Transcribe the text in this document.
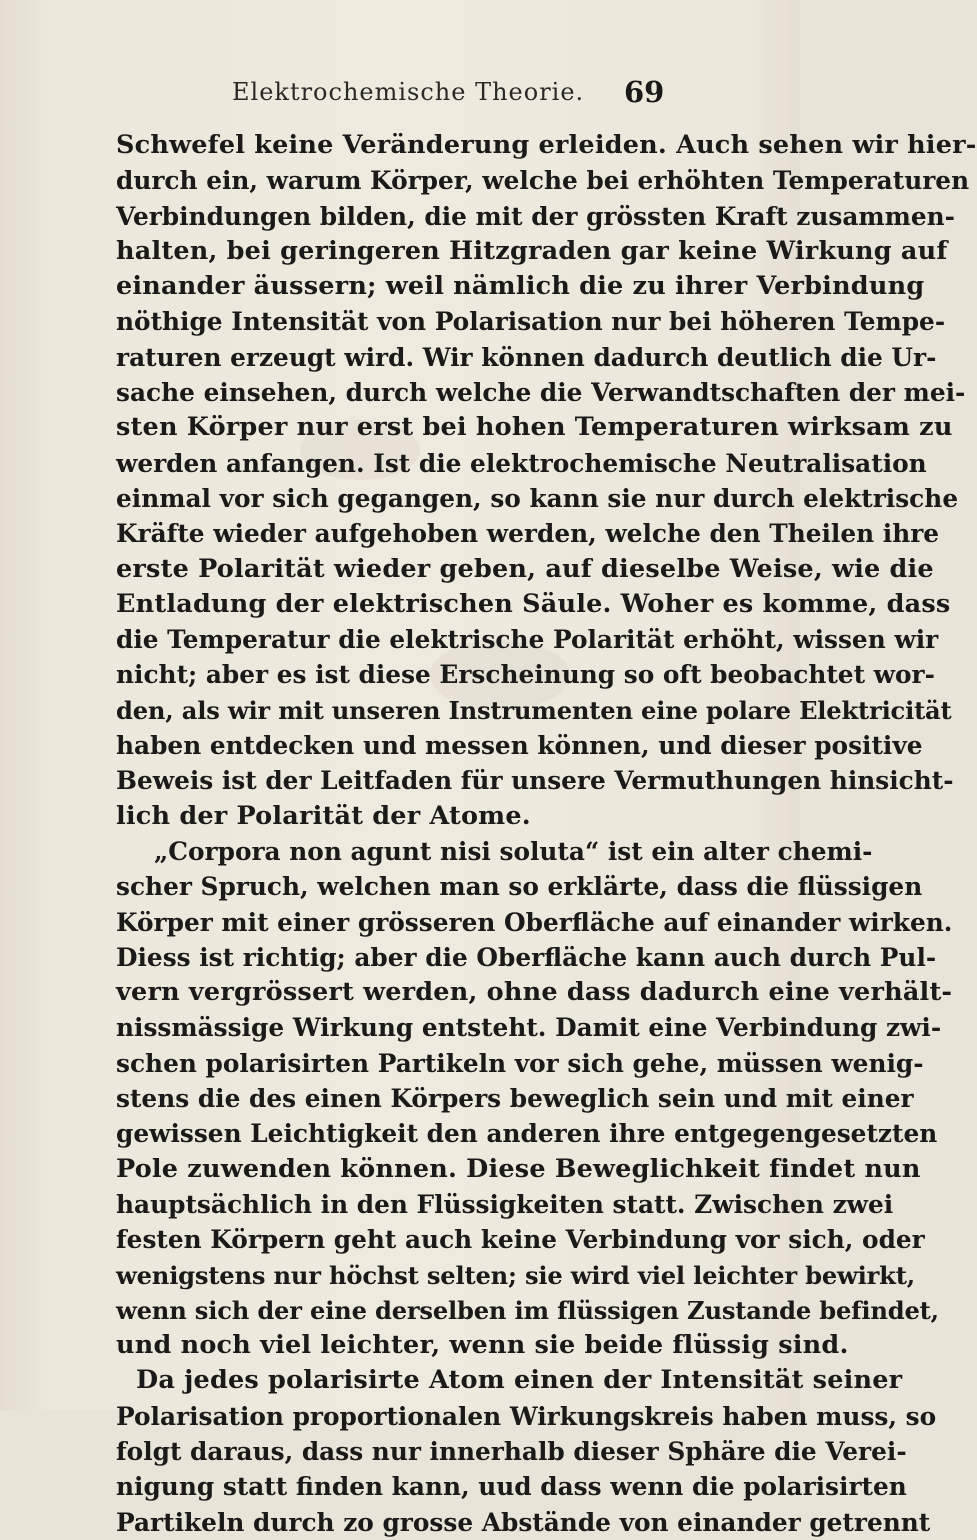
Elektrochemische Theorie. 69
Schwefel keine Veränderung erleiden. Auch sehen wir hier-
durch ein, warum Körper, welche bei erhöhten Temperaturen
Verbindungen bilden, die mit der grössten Kraft zusammen-
halten, bei geringeren Hitzgraden gar keine Wirkung auf
einander äussern; weil nämlich die zu ihrer Verbindung
nöthige Intensität von Polarisation nur bei höheren Tempe-
raturen erzeugt wird. Wir können dadurch deutlich die Ur-
sache einsehen, durch welche die Verwandtschaften der mei-
sten Körper nur erst bei hohen Temperaturen wirksam zu
werden anfangen. Ist die elektrochemische Neutralisation
einmal vor sich gegangen, so kann sie nur durch elektrische
Kräfte wieder aufgehoben werden, welche den Theilen ihre
erste Polarität wieder geben, auf dieselbe Weise, wie die
Entladung der elektrischen Säule. Woher es komme, dass
die Temperatur die elektrische Polarität erhöht, wissen wir
nicht; aber es ist diese Erscheinung so oft beobachtet wor-
den, als wir mit unseren Instrumenten eine polare Elektricität
haben entdecken und messen können, und dieser positive
Beweis ist der Leitfaden für unsere Vermuthungen hinsicht-
lich der Polarität der Atome.
„Corpora non agunt nisi soluta“ ist ein alter chemi-
scher Spruch, welchen man so erklärte, dass die flüssigen
Körper mit einer grösseren Oberfläche auf einander wirken.
Diess ist richtig; aber die Oberfläche kann auch durch Pul-
vern vergrössert werden, ohne dass dadurch eine verhält-
nissmässige Wirkung entsteht. Damit eine Verbindung zwi-
schen polarisirten Partikeln vor sich gehe, müssen wenig-
stens die des einen Körpers beweglich sein und mit einer
gewissen Leichtigkeit den anderen ihre entgegengesetzten
Pole zuwenden können. Diese Beweglichkeit findet nun
hauptsächlich in den Flüssigkeiten statt. Zwischen zwei
festen Körpern geht auch keine Verbindung vor sich, oder
wenigstens nur höchst selten; sie wird viel leichter bewirkt,
wenn sich der eine derselben im flüssigen Zustande befindet,
und noch viel leichter, wenn sie beide flüssig sind.
Da jedes polarisirte Atom einen der Intensität seiner
Polarisation proportionalen Wirkungskreis haben muss, so
folgt daraus, dass nur innerhalb dieser Sphäre die Verei-
nigung statt finden kann, uud dass wenn die polarisirten
Partikeln durch zo grosse Abstände von einander getrennt
